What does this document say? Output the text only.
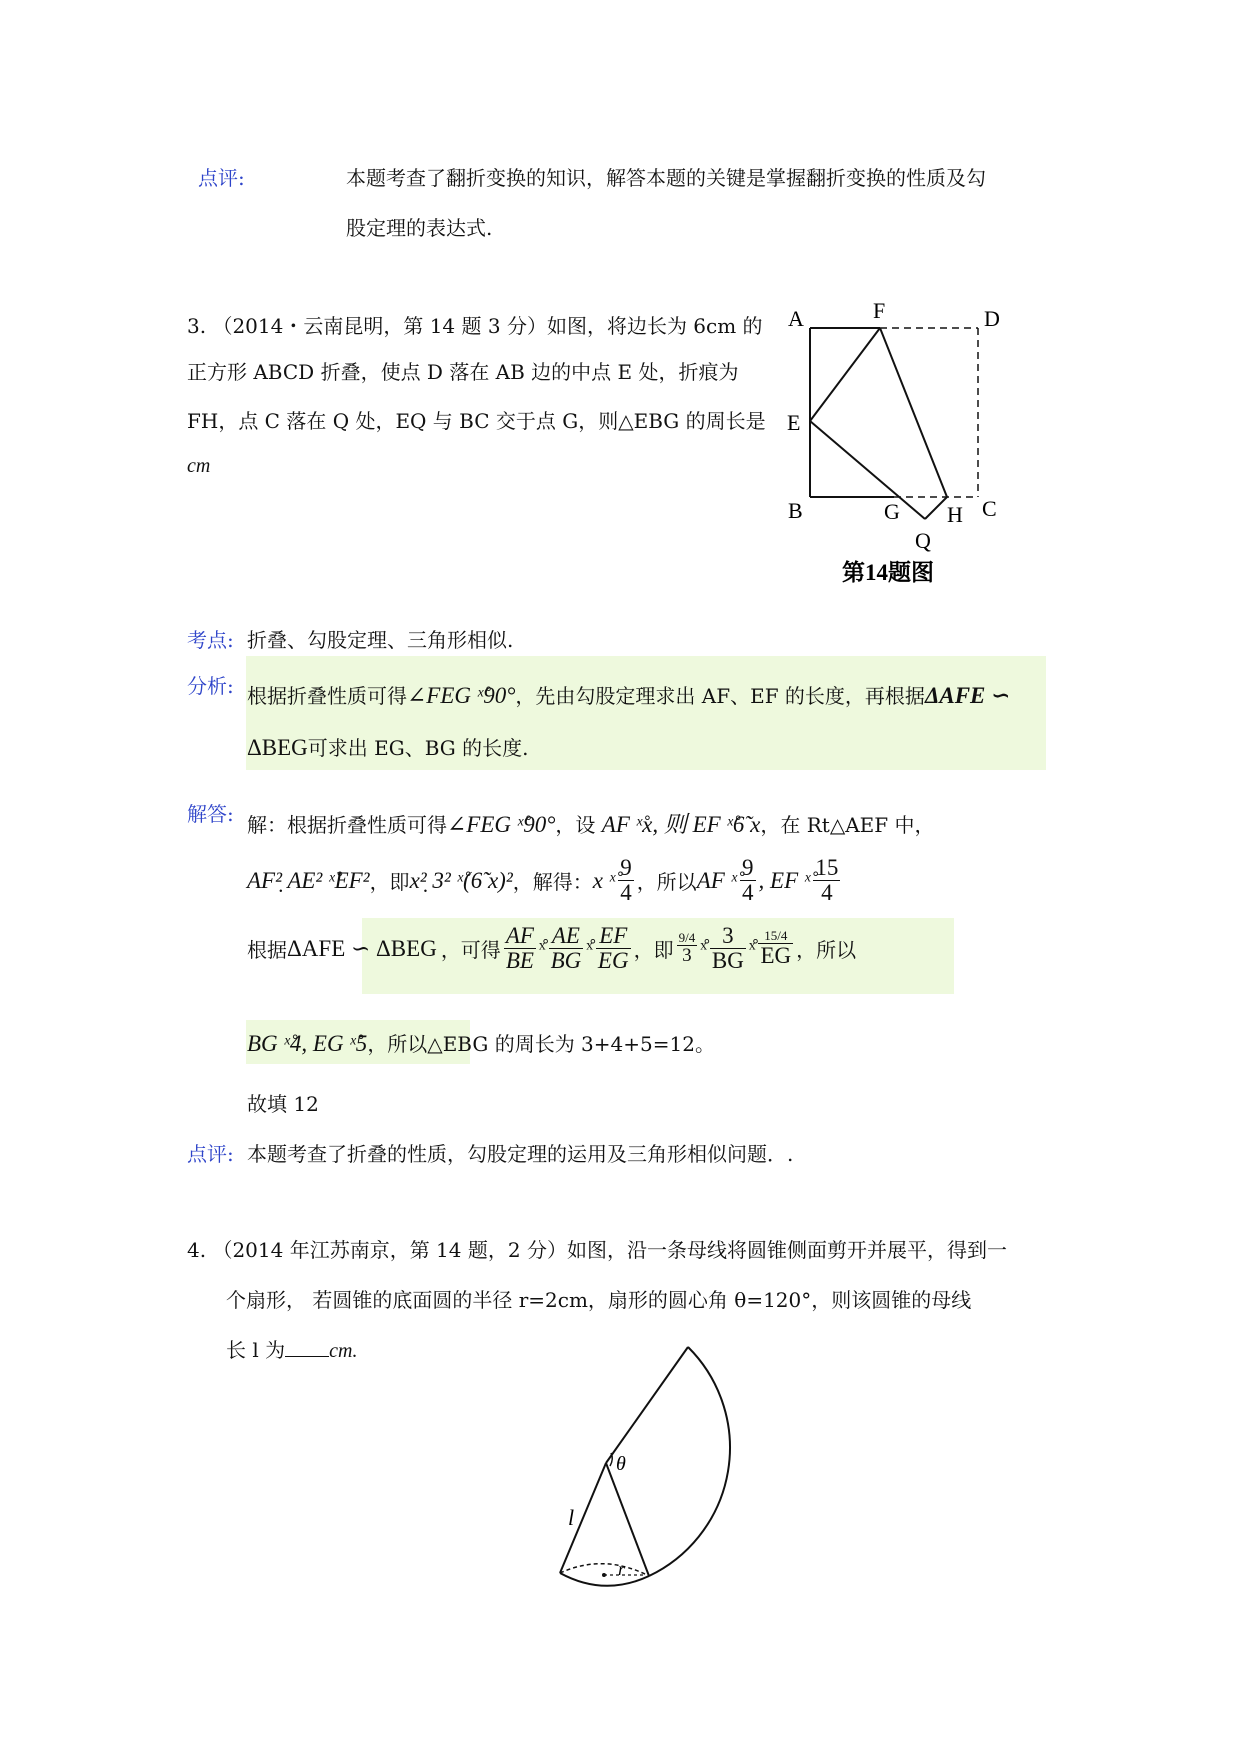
点评:	本题考查了翻折变换的知识，解答本题的关键是掌握翻折变换的性质及勾
股定理的表达式.
3. （2014・云南昆明，第 14 题 3 分）如图，将边长为 6cm 的
正方形 ABCD 折叠，使点 D 落在 AB 边的中点 E 处，折痕为
FH，点 C 落在 Q 处，EQ 与 BC 交于点 G，则△EBG 的周长是
cm
A	F	D
E
B	G H C
Q
第14题图
考点: 折叠、勾股定理、三角形相似.
分析: 根据折叠性质可得∠FEG ˣ̊90°，先由勾股定理求出 AF、EF 的长度，再根据ΔAFE ∽
ΔBEG可求出 EG、BG 的长度.
解答: 解：根据折叠性质可得∠FEG ˣ̊90°，设 AF ˣ̊x, 则 EF ˣ̊6̃ x，在 Rt△AEF 中，
AF²̣ AE² ˣ̊EF² ，即 x²̣ 3² ˣ̊(6̃ x)² ，解得： x ˣ̊ $\frac{9}{4}$ ，所以 AF ˣ̊ $\frac{9}{4}$ , EF ˣ̊ $\frac{15}{4}$
根据 ΔAFE ∽ ΔBEG ，可得 $\frac{AF}{BE}$ ˣ̊ $\frac{AE}{BG}$ ˣ̊ $\frac{EF}{EG}$ ，即 $\frac{9/4}{3}$ ˣ̊ $\frac{3}{BG}$ ˣ̊ $\frac{15/4}{EG}$ ，所以
BG ˣ̊4, EG ˣ̊5，所以△EBG 的周长为 3+4+5=12。
故填 12
点评: 本题考查了折叠的性质，勾股定理的运用及三角形相似问题．.
4. （2014 年江苏南京，第 14 题，2 分）如图，沿一条母线将圆锥侧面剪开并展平，得到一
个扇形， 若圆锥的底面圆的半径 r=2cm，扇形的圆心角 θ=120°，则该圆锥的母线
长 l 为 cm.
θ
l
r
